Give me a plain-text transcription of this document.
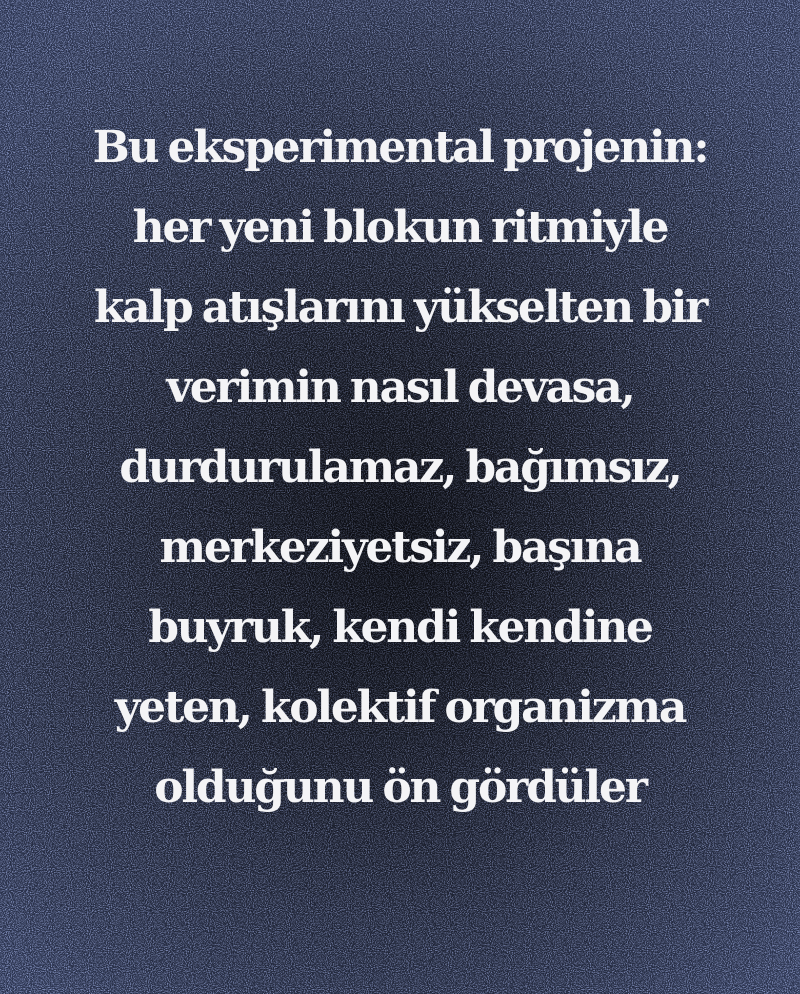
Bu eksperimental projenin:
her yeni blokun ritmiyle
kalp atışlarını yükselten bir
verimin nasıl devasa,
durdurulamaz, bağımsız,
merkeziyetsiz, başına
buyruk, kendi kendine
yeten, kolektif organizma
olduğunu ön gördüler
